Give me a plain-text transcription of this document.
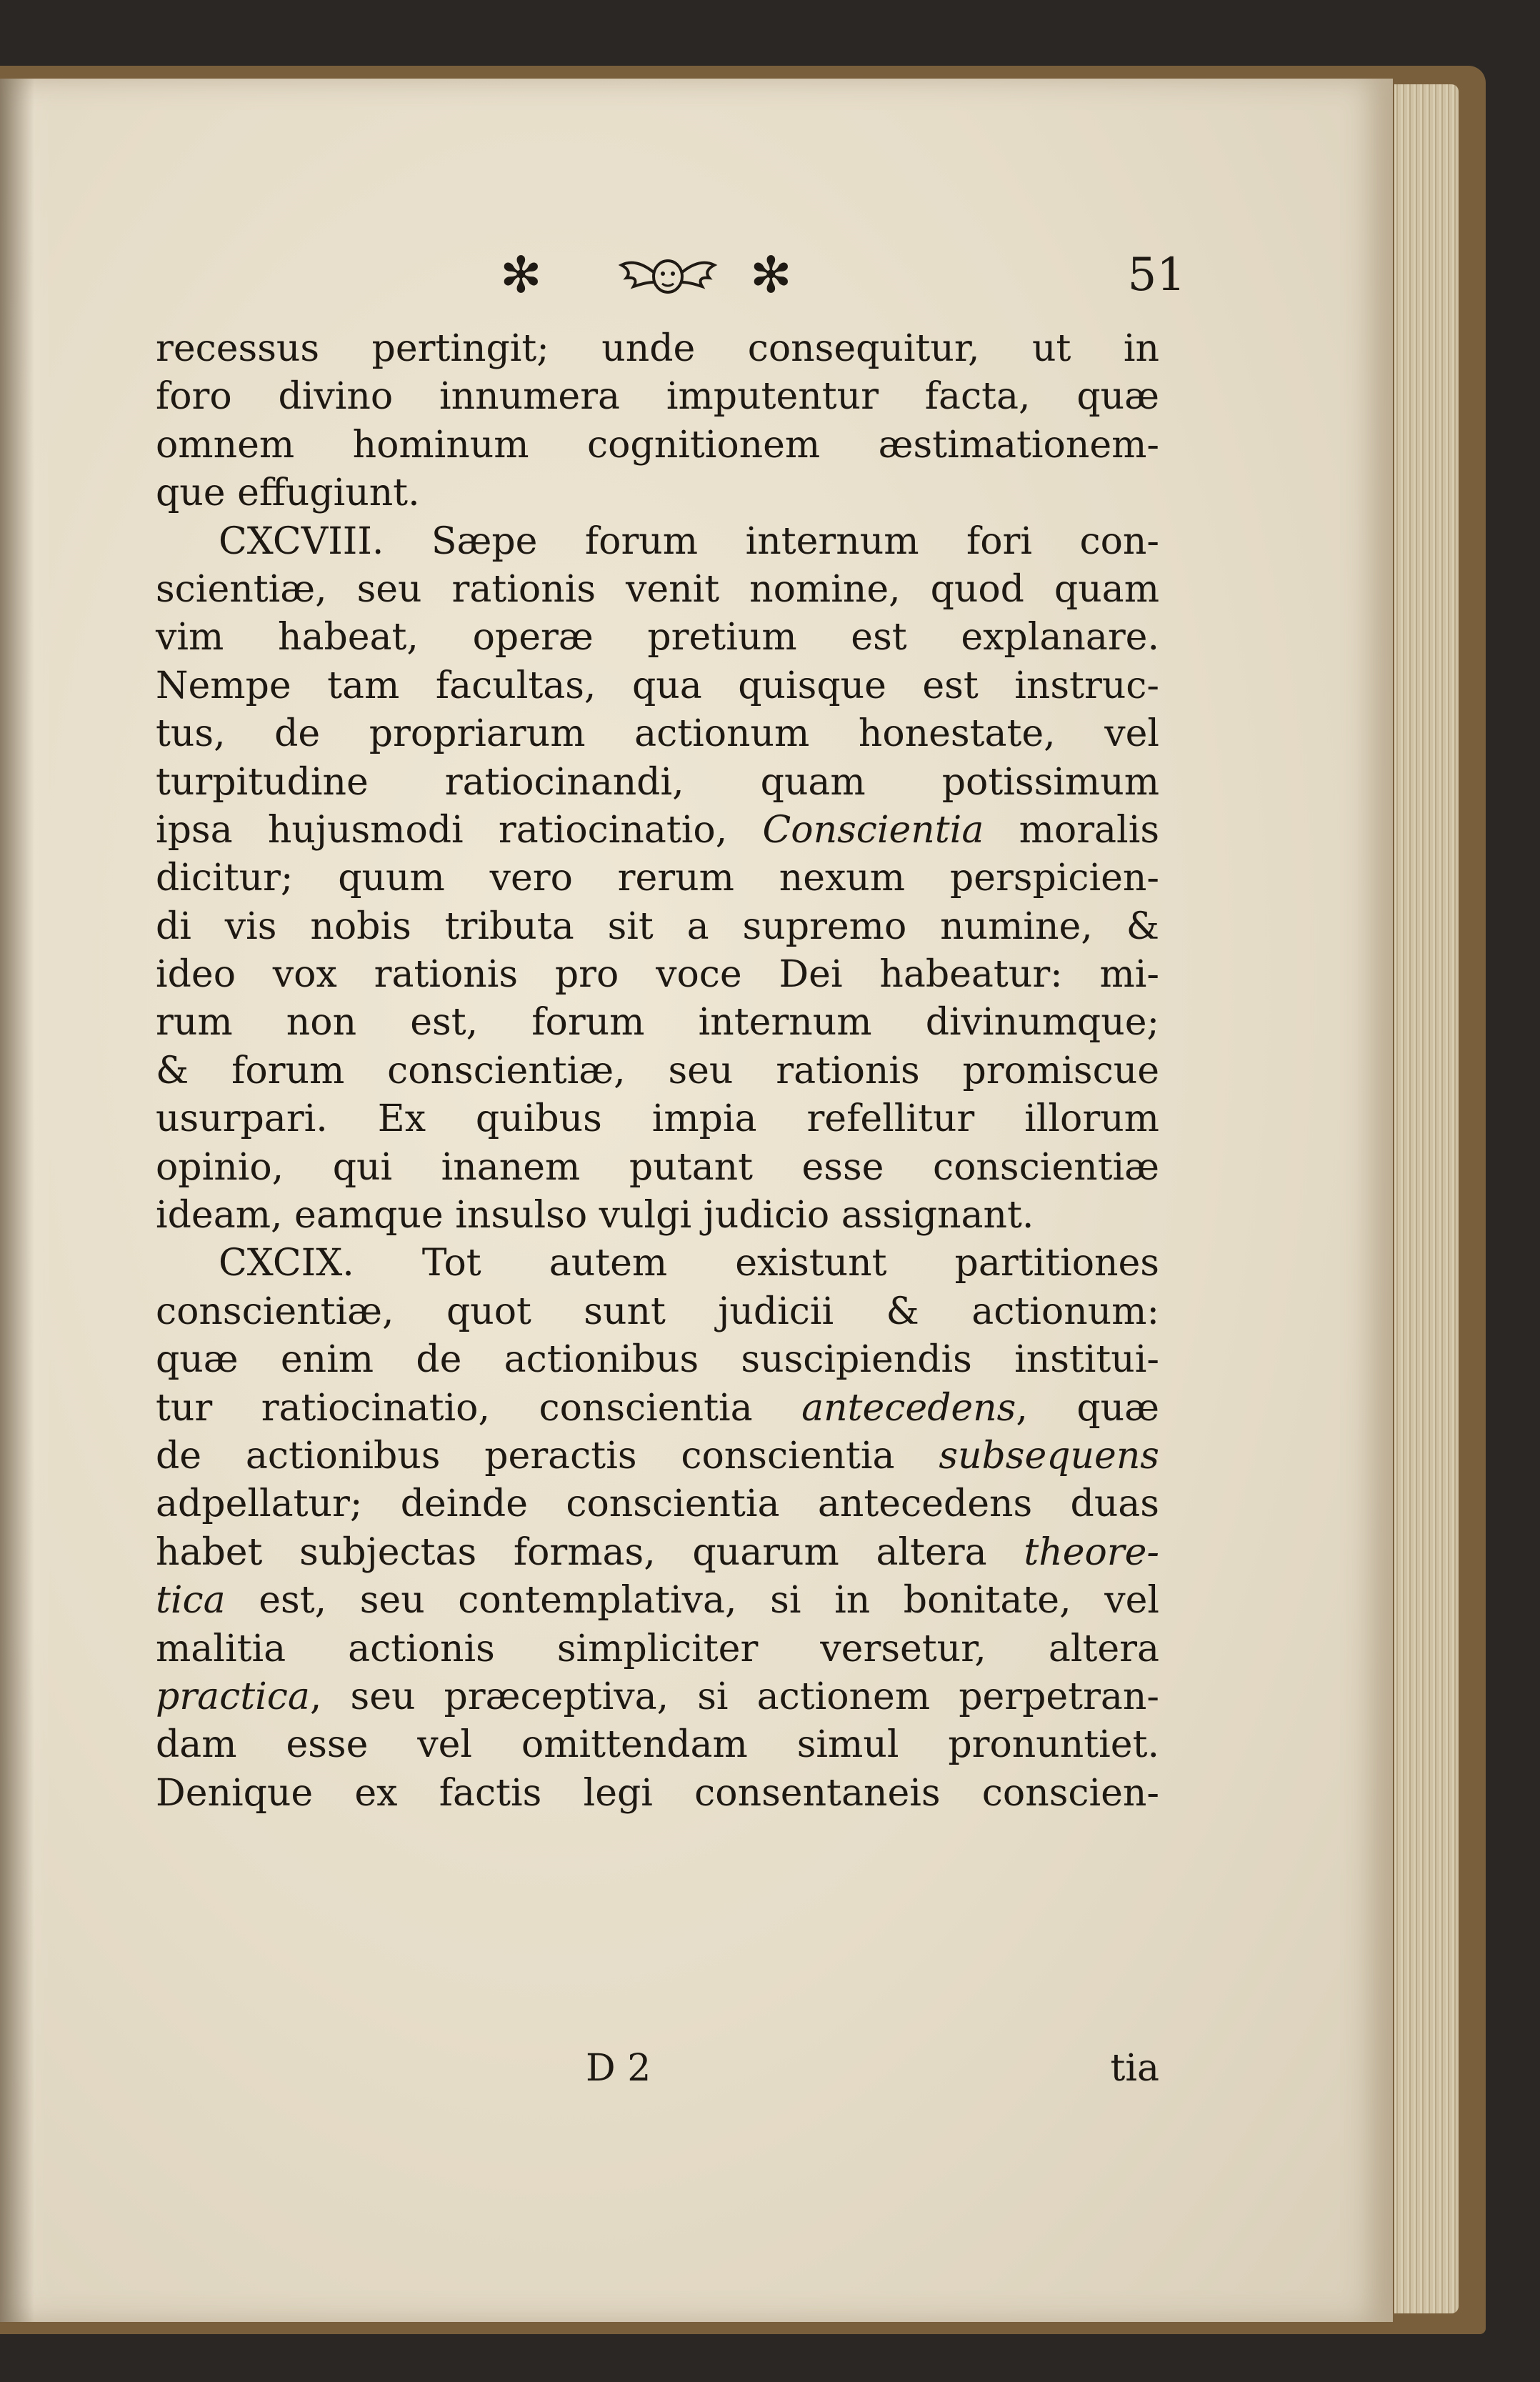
✻	✻	51
recessus pertingit; unde consequitur, ut in
foro divino innumera imputentur facta, quæ
omnem hominum cognitionem æstimationem-
que effugiunt.
CXCVIII. Sæpe forum internum fori con-
scientiæ, seu rationis venit nomine, quod quam
vim habeat, operæ pretium est explanare.
Nempe tam facultas, qua quisque est instruc-
tus, de propriarum actionum honestate, vel
turpitudine ratiocinandi, quam potissimum
ipsa hujusmodi ratiocinatio, Conscientia moralis
dicitur; quum vero rerum nexum perspicien-
di vis nobis tributa sit a supremo numine, &
ideo vox rationis pro voce Dei habeatur: mi-
rum non est, forum internum divinumque;
& forum conscientiæ, seu rationis promiscue
usurpari. Ex quibus impia refellitur illorum
opinio, qui inanem putant esse conscientiæ
ideam, eamque insulso vulgi judicio assignant.
CXCIX. Tot autem existunt partitiones
conscientiæ, quot sunt judicii & actionum:
quæ enim de actionibus suscipiendis institui-
tur ratiocinatio, conscientia antecedens, quæ
de actionibus peractis conscientia subsequens
adpellatur; deinde conscientia antecedens duas
habet subjectas formas, quarum altera theore-
tica est, seu contemplativa, si in bonitate, vel
malitia actionis simpliciter versetur, altera
practica, seu præceptiva, si actionem perpetran-
dam esse vel omittendam simul pronuntiet.
Denique ex factis legi consentaneis conscien-
D 2	tia
